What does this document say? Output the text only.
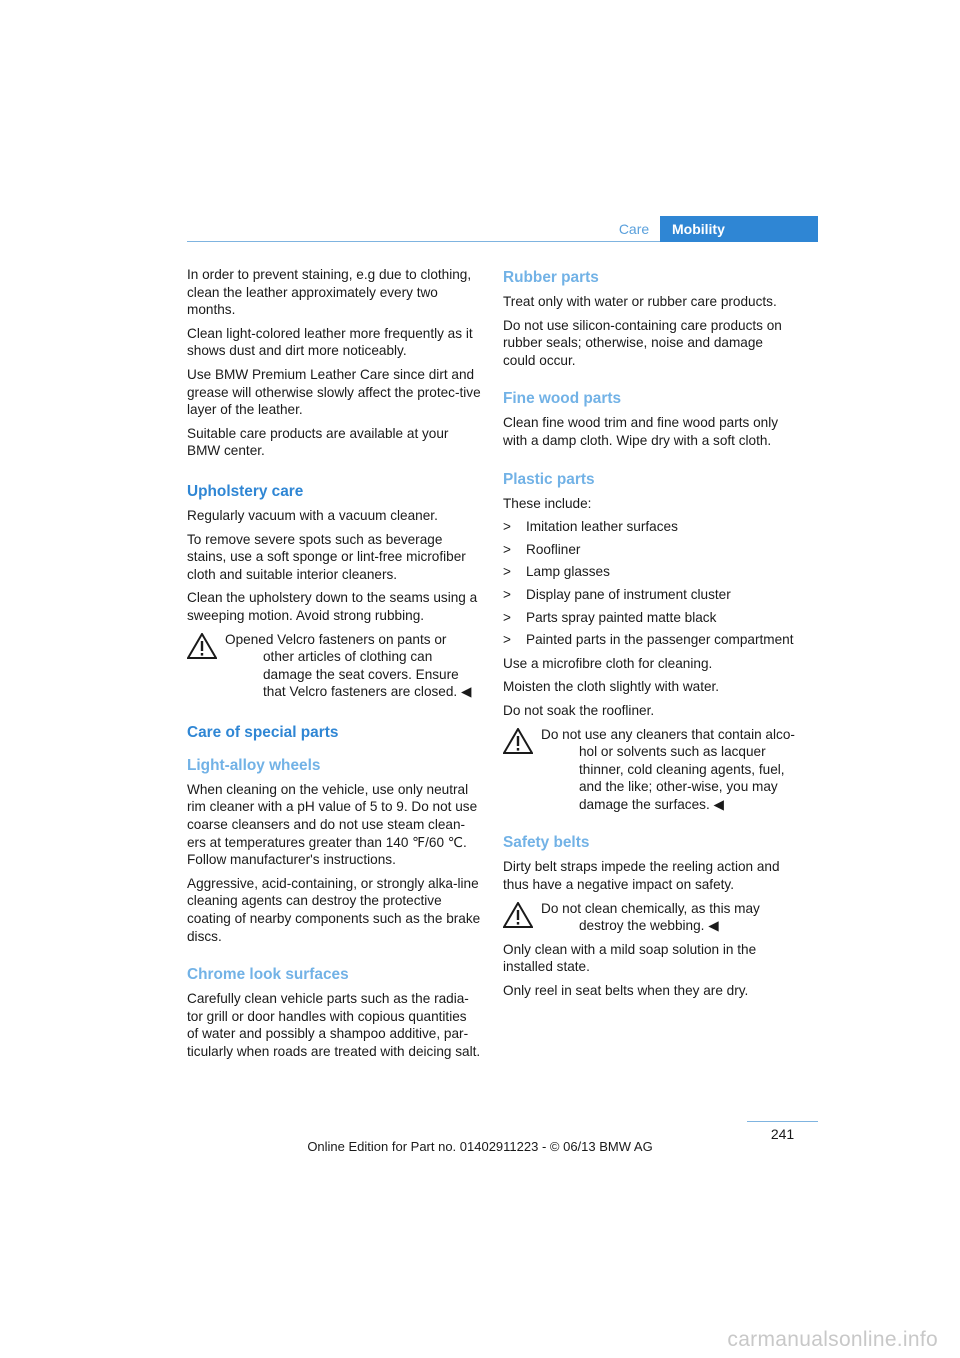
Care	Mobility

In order to prevent staining, e.g due to clothing, clean the leather approximately every two months.

Clean light-colored leather more frequently as it shows dust and dirt more noticeably.

Use BMW Premium Leather Care since dirt and grease will otherwise slowly affect the protec-tive layer of the leather.

Suitable care products are available at your BMW center.

Upholstery care

Regularly vacuum with a vacuum cleaner.

To remove severe spots such as beverage stains, use a soft sponge or lint-free microfiber cloth and suitable interior cleaners.

Clean the upholstery down to the seams using a sweeping motion. Avoid strong rubbing.

Opened Velcro fasteners on pants or other articles of clothing can damage the seat covers. Ensure that Velcro fasteners are closed. ◀

Care of special parts
Light-alloy wheels

When cleaning on the vehicle, use only neutral rim cleaner with a pH value of 5 to 9. Do not use coarse cleansers and do not use steam clean-ers at temperatures greater than 140 ℉/60 ℃. Follow manufacturer's instructions.

Aggressive, acid-containing, or strongly alka-line cleaning agents can destroy the protective coating of nearby components such as the brake discs.

Chrome look surfaces

Carefully clean vehicle parts such as the radia-tor grill or door handles with copious quantities of water and possibly a shampoo additive, par-ticularly when roads are treated with deicing salt.

Rubber parts

Treat only with water or rubber care products.

Do not use silicon-containing care products on rubber seals; otherwise, noise and damage could occur.

Fine wood parts

Clean fine wood trim and fine wood parts only with a damp cloth. Wipe dry with a soft cloth.

Plastic parts

These include:

> Imitation leather surfaces
> Roofliner
> Lamp glasses
> Display pane of instrument cluster
> Parts spray painted matte black
> Painted parts in the passenger compartment

Use a microfibre cloth for cleaning.

Moisten the cloth slightly with water.

Do not soak the roofliner.

Do not use any cleaners that contain alco-hol or solvents such as lacquer thinner, cold cleaning agents, fuel, and the like; other-wise, you may damage the surfaces. ◀

Safety belts

Dirty belt straps impede the reeling action and thus have a negative impact on safety.

Do not clean chemically, as this may destroy the webbing. ◀

Only clean with a mild soap solution in the installed state.

Only reel in seat belts when they are dry.

241
Online Edition for Part no. 01402911223 - © 06/13 BMW AG
carmanualsonline.info
